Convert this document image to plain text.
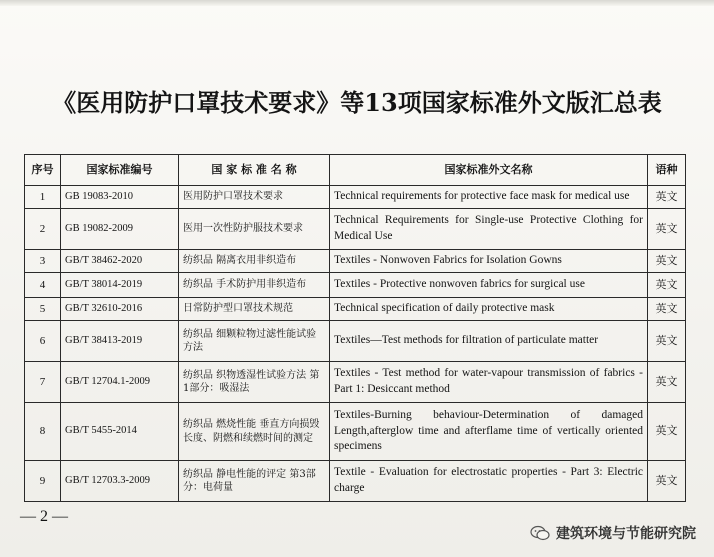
《医用防护口罩技术要求》等13项国家标准外文版汇总表
序号	国家标准编号	国 家 标 准 名 称	国家标准外文名称	语种
1	GB 19083-2010	医用防护口罩技术要求	Technical requirements for protective face mask for medical use	英文
2	GB 19082-2009	医用一次性防护服技术要求	Technical Requirements for Single-use Protective Clothing for Medical Use	英文
3	GB/T 38462-2020	纺织品 隔离衣用非织造布	Textiles - Nonwoven Fabrics for Isolation Gowns	英文
4	GB/T 38014-2019	纺织品 手术防护用非织造布	Textiles - Protective nonwoven fabrics for surgical use	英文
5	GB/T 32610-2016	日常防护型口罩技术规范	Technical specification of daily protective mask	英文
6	GB/T 38413-2019	纺织品 细颗粒物过滤性能试验方法	Textiles—Test methods for filtration of particulate matter	英文
7	GB/T 12704.1-2009	纺织品 织物透湿性试验方法 第1部分：吸湿法	Textiles - Test method for water-vapour transmission of fabrics - Part 1: Desiccant method	英文
8	GB/T 5455-2014	纺织品 燃烧性能 垂直方向损毁长度、阴燃和续燃时间的测定	Textiles-Burning behaviour-Determination of damaged Length,afterglow time and afterflame time of vertically oriented specimens	英文
9	GB/T 12703.3-2009	纺织品 静电性能的评定 第3部分：电荷量	Textile - Evaluation for electrostatic properties - Part 3: Electric charge	英文
— 2 —
建筑环境与节能研究院
